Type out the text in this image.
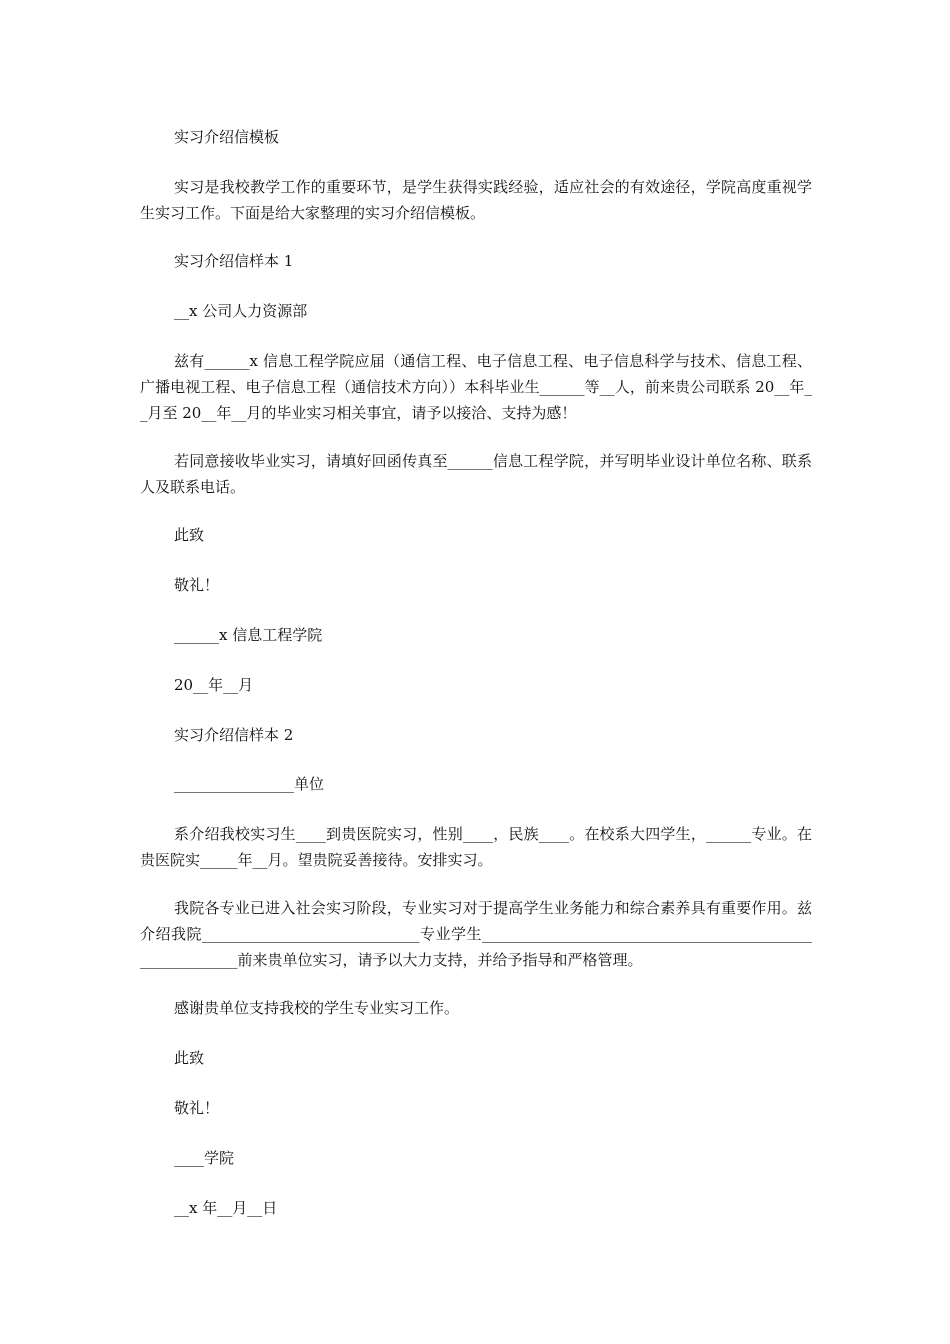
实习介绍信模板

实习是我校教学工作的重要环节，是学生获得实践经验，适应社会的有效途径，学院高度重视学生实习工作。下面是给大家整理的实习介绍信模板。

实习介绍信样本 1

__x 公司人力资源部

兹有______x 信息工程学院应届（通信工程、电子信息工程、电子信息科学与技术、信息工程、广播电视工程、电子信息工程（通信技术方向））本科毕业生______等__人，前来贵公司联系 20__年__月至 20__年__月的毕业实习相关事宜，请予以接洽、支持为感！

若同意接收毕业实习，请填好回函传真至______信息工程学院，并写明毕业设计单位名称、联系人及联系电话。

此致

敬礼！

______x 信息工程学院

20__年__月

实习介绍信样本 2

________________单位

系介绍我校实习生____到贵医院实习，性别____，民族____。在校系大四学生，______专业。在贵医院实_____年__月。望贵院妥善接待。安排实习。

我院各专业已进入社会实习阶段，专业实习对于提高学生业务能力和综合素养具有重要作用。兹介绍我院_____________________________专业学生_________________________________________________________前来贵单位实习，请予以大力支持，并给予指导和严格管理。

感谢贵单位支持我校的学生专业实习工作。

此致

敬礼！

____学院

__x 年__月__日
